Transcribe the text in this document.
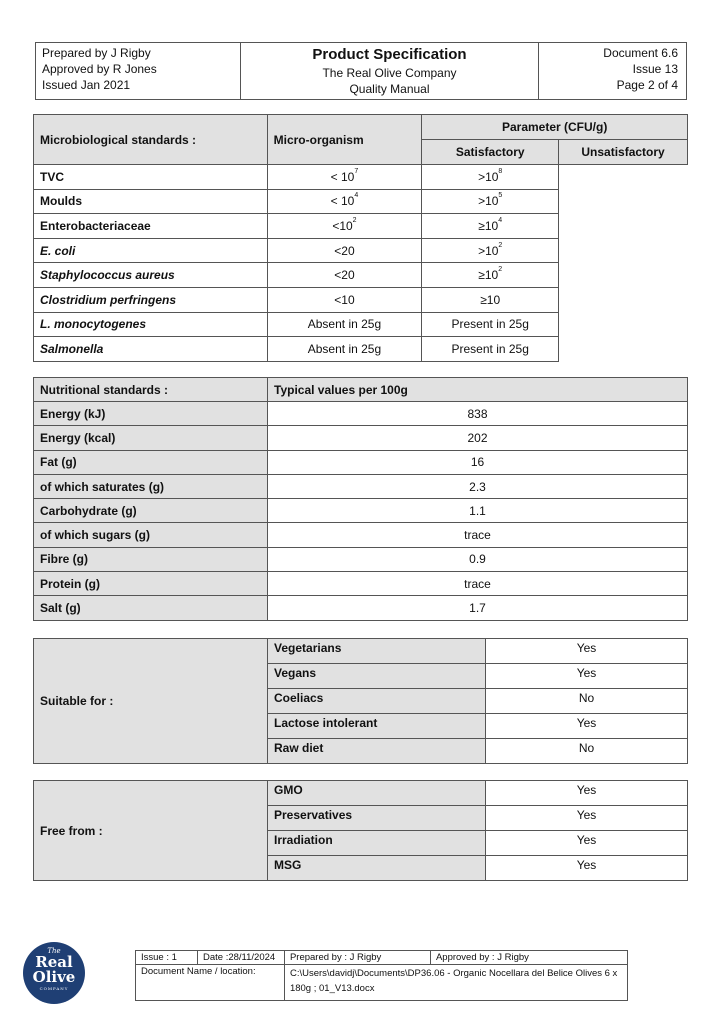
Prepared by J Rigby
Approved by R Jones
Issued Jan 2021

Product Specification
The Real Olive Company
Quality Manual

Document 6.6
Issue 13
Page 2 of 4
Microbiological standards :	Micro-organism	Parameter (CFU/g)	
		Satisfactory	Unsatisfactory
TVC	< $10^7$	$>10^8$
Moulds	< $10^4$	$>10^5$
Enterobacteriaceae	$<10^2$	$\ge 10^4$
E. coli	<20	$>10^2$
Staphylococcus aureus	<20	$\ge 10^2$
Clostridium perfringens	<10	≥10	
L. monocytogenes	Absent in 25g	Present in 25g	
Salmonella	Absent in 25g	Present in 25g	
Nutritional standards :	Typical values per 100g
Energy (kJ)	838
Energy (kcal)	202
Fat (g)	16
of which saturates (g)	2.3
Carbohydrate (g)	1.1
of which sugars (g)	trace
Fibre (g)	0.9
Protein (g)	trace
Salt (g)	1.7
Suitable for :	Vegetarians	Yes
	Vegans	Yes
	Coeliacs	No
	Lactose intolerant	Yes
	Raw diet	No
Free from :	GMO	Yes
	Preservatives	Yes
	Irradiation	Yes
	MSG	Yes
The
Real
Olive
COMPANY
Issue : 1	Date :28/11/2024	Prepared by : J Rigby	Approved by : J Rigby
Document Name / location:		C:\Users\davidj\Documents\DP36.06 - Organic Nocellara del Belice Olives 6 x 180g ; 01_V13.docx	
